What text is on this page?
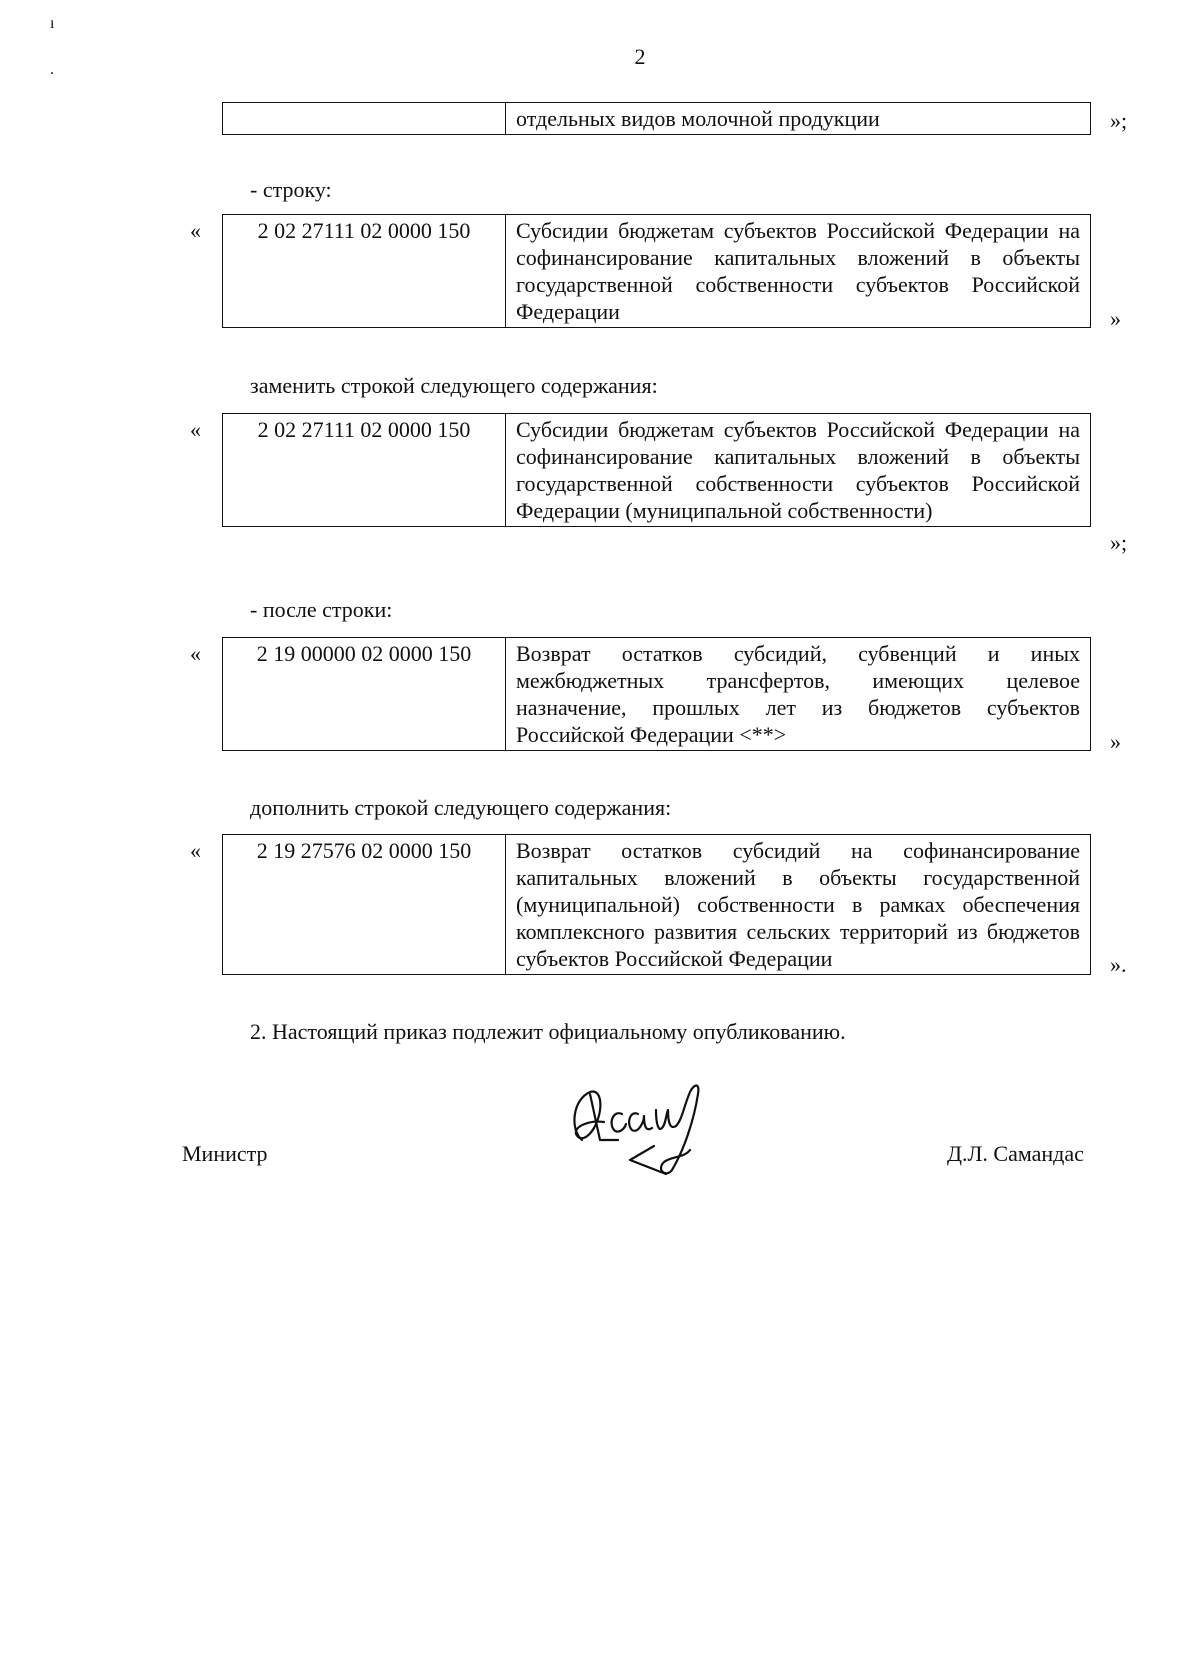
ı
.
2
	отдельных видов молочной продукции	»;
- строку:
«	2 02 27111 02 0000 150	Субсидии бюджетам субъектов Российской Федерации на софинансирование капитальных вложений в объекты государственной собственности субъектов Российской Федерации	»
заменить строкой следующего содержания:
«	2 02 27111 02 0000 150	Субсидии бюджетам субъектов Российской Федерации на софинансирование капитальных вложений в объекты государственной собственности субъектов Российской Федерации (муниципальной собственности)
»;
- после строки:
«	2 19 00000 02 0000 150	Возврат остатков субсидий, субвенций и иных межбюджетных трансфертов, имеющих целевое назначение, прошлых лет из бюджетов субъектов Российской Федерации <**>	»
дополнить строкой следующего содержания:
«	2 19 27576 02 0000 150	Возврат остатков субсидий на софинансирование капитальных вложений в объекты государственной (муниципальной) собственности в рамках обеспечения комплексного развития сельских территорий из бюджетов субъектов Российской Федерации	».
2. Настоящий приказ подлежит официальному опубликованию.
Министр	Д.Л. Самандас
